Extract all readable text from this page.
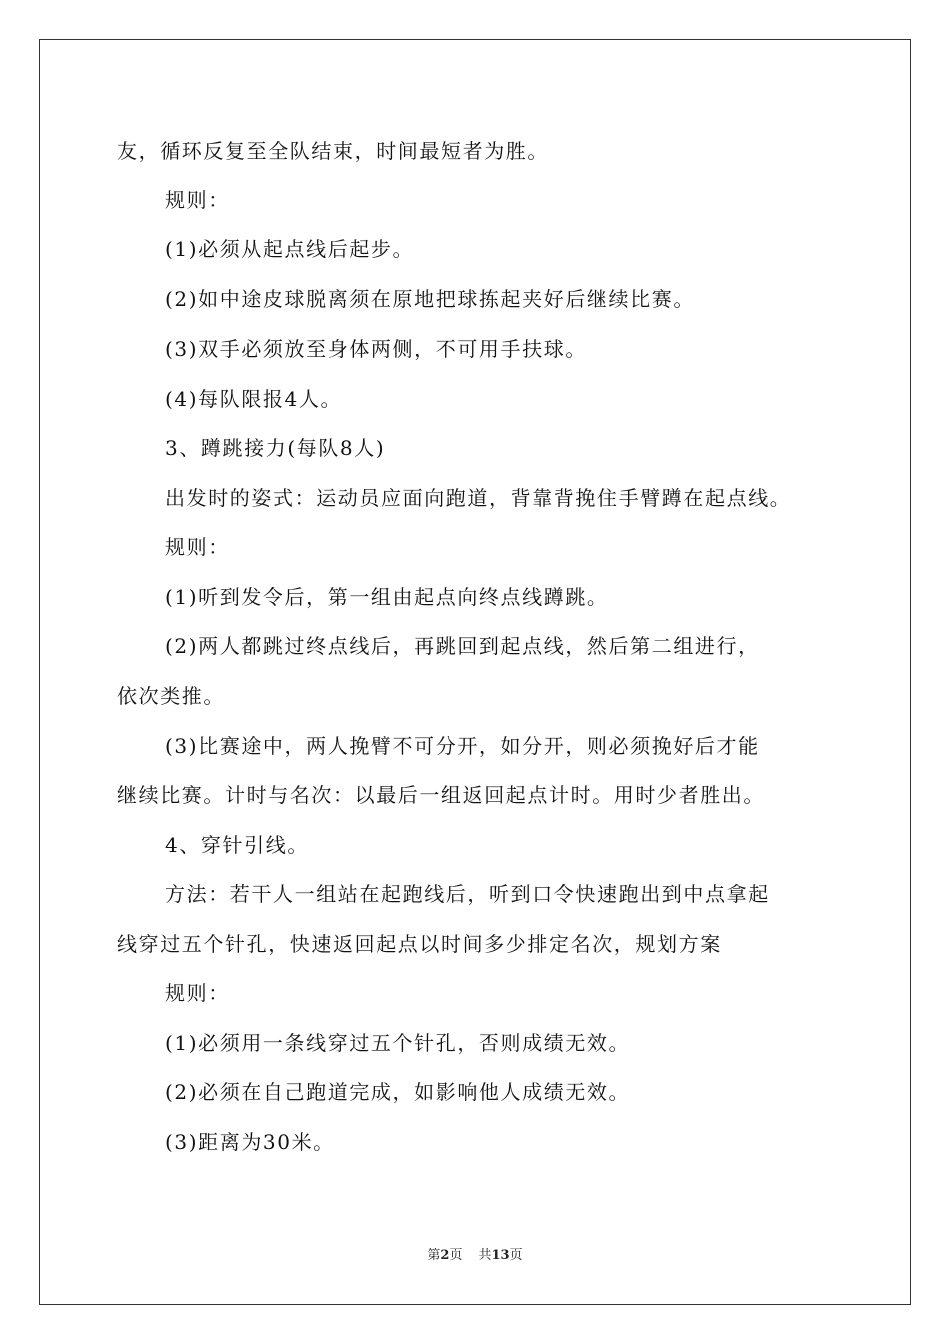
友，循环反复至全队结束，时间最短者为胜。
规则：
(1)必须从起点线后起步。
(2)如中途皮球脱离须在原地把球拣起夹好后继续比赛。
(3)双手必须放至身体两侧，不可用手扶球。
(4)每队限报4人。
3、蹲跳接力(每队8人)
出发时的姿式：运动员应面向跑道，背靠背挽住手臂蹲在起点线。
规则：
(1)听到发令后，第一组由起点向终点线蹲跳。
(2)两人都跳过终点线后，再跳回到起点线，然后第二组进行，
依次类推。
(3)比赛途中，两人挽臂不可分开，如分开，则必须挽好后才能
继续比赛。计时与名次：以最后一组返回起点计时。用时少者胜出。
4、穿针引线。
方法：若干人一组站在起跑线后，听到口令快速跑出到中点拿起
线穿过五个针孔，快速返回起点以时间多少排定名次，规划方案
规则：
(1)必须用一条线穿过五个针孔，否则成绩无效。
(2)必须在自己跑道完成，如影响他人成绩无效。
(3)距离为30米。
第2页 共13页
